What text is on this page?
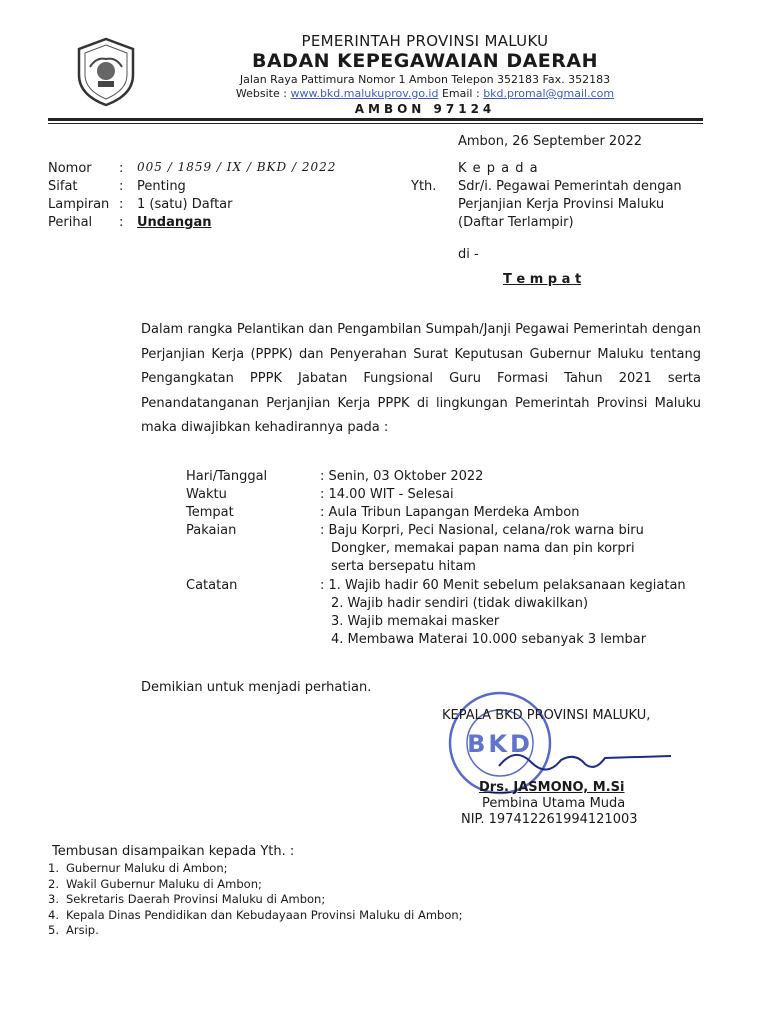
PEMERINTAH PROVINSI MALUKU
BADAN KEPEGAWAIAN DAERAH
Jalan Raya Pattimura Nomor 1 Ambon Telepon 352183 Fax. 352183
Website : www.bkd.malukuprov.go.id Email : bkd.promal@gmail.com
AMBON 97124
Ambon, 26 September 2022
Nomor : 005 / 1859 / IX / BKD / 2022
Sifat	: Penting
Lampiran : 1 (satu) Daftar
Perihal : Undangan
K e p a d a
Yth. Sdr/i. Pegawai Pemerintah dengan
Perjanjian Kerja Provinsi Maluku
(Daftar Terlampir)
di -
T e m p a t
Dalam rangka Pelantikan dan Pengambilan Sumpah/Janji Pegawai Pemerintah dengan Perjanjian Kerja (PPPK) dan Penyerahan Surat Keputusan Gubernur Maluku tentang Pengangkatan PPPK Jabatan Fungsional Guru Formasi Tahun 2021 serta Penandatanganan Perjanjian Kerja PPPK di lingkungan Pemerintah Provinsi Maluku maka diwajibkan kehadirannya pada :
Hari/Tanggal	: Senin, 03 Oktober 2022
Waktu	: 14.00 WIT - Selesai
Tempat	: Aula Tribun Lapangan Merdeka Ambon
Pakaian	: Baju Korpri, Peci Nasional, celana/rok warna biru
Dongker, memakai papan nama dan pin korpri
serta bersepatu hitam
Catatan	: 1. Wajib hadir 60 Menit sebelum pelaksanaan kegiatan
2. Wajib hadir sendiri (tidak diwakilkan)
3. Wajib memakai masker
4. Membawa Materai 10.000 sebanyak 3 lembar
Demikian untuk menjadi perhatian.
BKD
KEPALA BKD PROVINSI MALUKU,
Drs. JASMONO, M.Si
Pembina Utama Muda
NIP. 197412261994121003
Tembusan disampaikan kepada Yth. :
1. Gubernur Maluku di Ambon;
2. Wakil Gubernur Maluku di Ambon;
3. Sekretaris Daerah Provinsi Maluku di Ambon;
4. Kepala Dinas Pendidikan dan Kebudayaan Provinsi Maluku di Ambon;
5. Arsip.
